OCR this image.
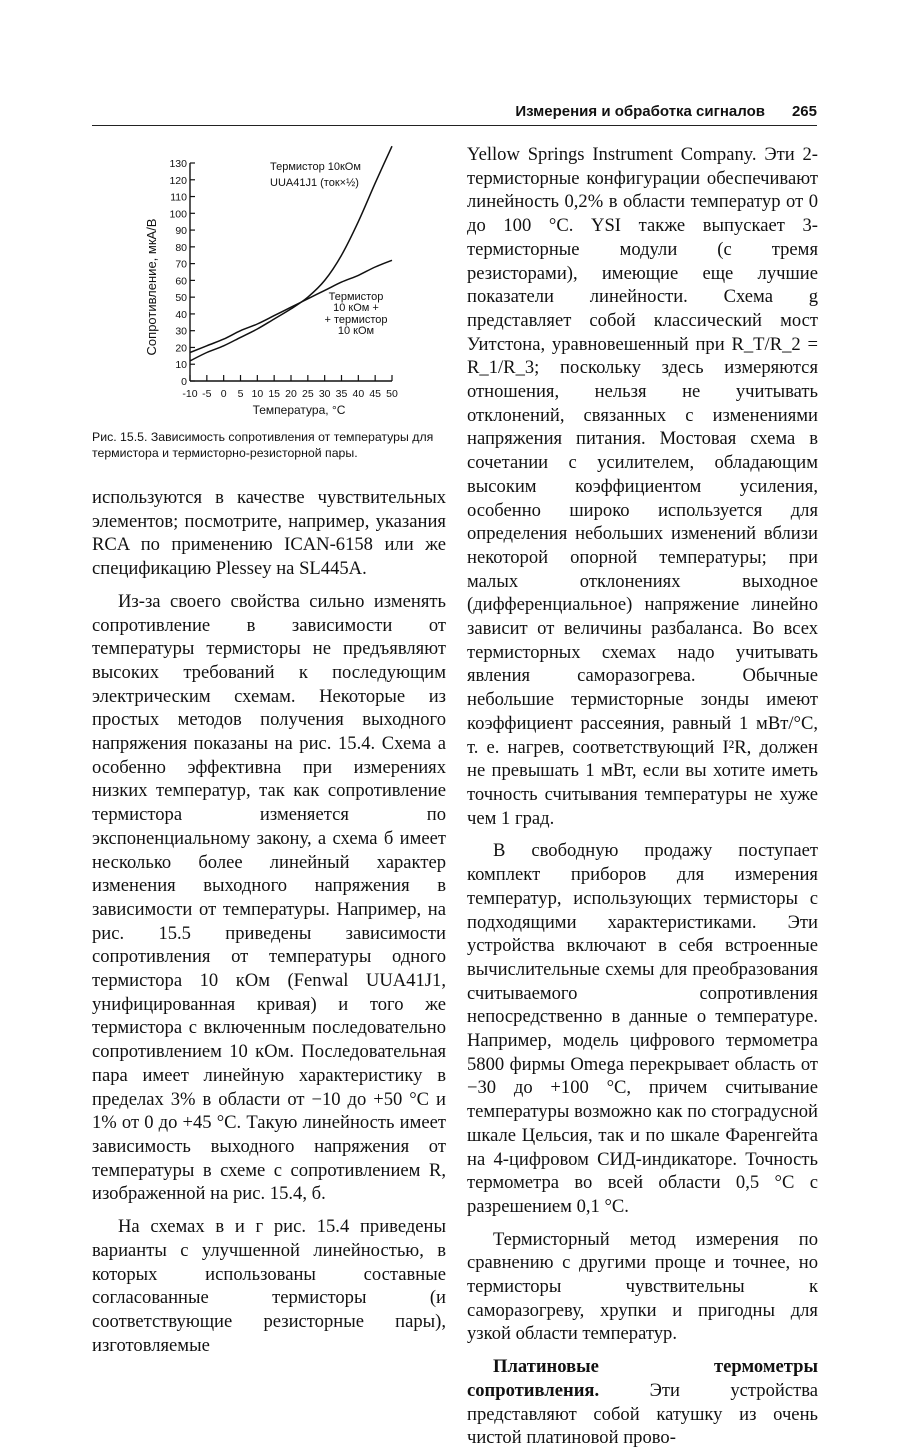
Измерения и обработка сигналов 265
Сопротивление, мкА/В
Температура, °С
Термистор 10кОм
UUA41J1 (ток×½)
Термистор
10 кОм +
+ термистор
10 кОм
0
10
20
30
40
50
60
70
80
90
100
110
120
130
-10 -5 0 5 10 15 20 25 30 35 40 45 50
Рис. 15.5. Зависимость сопротивления от температуры для термистора и термисторно-резисторной пары.

используются в качестве чувствительных элементов; посмотрите, например, указания RCA по применению ICAN-6158 или же спецификацию Plessey на SL445A.

Из-за своего свойства сильно изменять сопротивление в зависимости от температуры термисторы не предъявляют высоких требований к последующим электрическим схемам. Некоторые из простых методов получения выходного напряжения показаны на рис. 15.4. Схема а особенно эффективна при измерениях низких температур, так как сопротивление термистора изменяется по экспоненциальному закону, а схема б имеет несколько более линейный характер изменения выходного напряжения в зависимости от температуры. Например, на рис. 15.5 приведены зависимости сопротивления от температуры одного термистора 10 кОм (Fenwal UUA41J1, унифицированная кривая) и того же термистора с включенным последовательно сопротивлением 10 кОм. Последовательная пара имеет линейную характеристику в пределах 3% в области от −10 до +50 °С и 1% от 0 до +45 °С. Такую линейность имеет зависимость выходного напряжения от температуры в схеме с сопротивлением R, изображенной на рис. 15.4, б.

На схемах в и г рис. 15.4 приведены варианты с улучшенной линейностью, в которых использованы составные согласованные термисторы (и соответствующие резисторные пары), изготовляемые

Yellow Springs Instrument Company. Эти 2-термисторные конфигурации обеспечивают линейность 0,2% в области температур от 0 до 100 °С. YSI также выпускает 3-термисторные модули (с тремя резисторами), имеющие еще лучшие показатели линейности. Схема g представляет собой классический мост Уитстона, уравновешенный при R_T/R_2 = R_1/R_3; поскольку здесь измеряются отношения, нельзя не учитывать отклонений, связанных с изменениями напряжения питания. Мостовая схема в сочетании с усилителем, обладающим высоким коэффициентом усиления, особенно широко используется для определения небольших изменений вблизи некоторой опорной температуры; при малых отклонениях выходное (дифференциальное) напряжение линейно зависит от величины разбаланса. Во всех термисторных схемах надо учитывать явления саморазогрева. Обычные небольшие термисторные зонды имеют коэффициент рассеяния, равный 1 мВт/°С, т. е. нагрев, соответствующий I²R, должен не превышать 1 мВт, если вы хотите иметь точность считывания температуры не хуже чем 1 град.

В свободную продажу поступает комплект приборов для измерения температур, использующих термисторы с подходящими характеристиками. Эти устройства включают в себя встроенные вычислительные схемы для преобразования считываемого сопротивления непосредственно в данные о температуре. Например, модель цифрового термометра 5800 фирмы Omega перекрывает область от −30 до +100 °С, причем считывание температуры возможно как по стоградусной шкале Цельсия, так и по шкале Фаренгейта на 4-цифровом СИД-индикаторе. Точность термометра во всей области 0,5 °С с разрешением 0,1 °С.

Термисторный метод измерения по сравнению с другими проще и точнее, но термисторы чувствительны к саморазогреву, хрупки и пригодны для узкой области температур.

Платиновые термометры сопротивления. Эти устройства представляют собой катушку из очень чистой платиновой прово-
